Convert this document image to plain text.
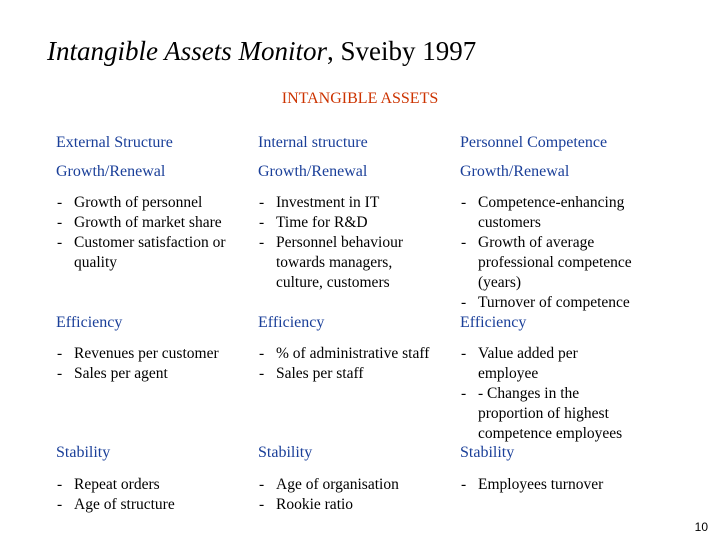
Intangible Assets Monitor, Sveiby 1997
INTANGIBLE ASSETS
External Structure
Growth/Renewal
- Growth of personnel
- Growth of market share
- Customer satisfaction or
quality
Efficiency
- Revenues per customer
- Sales per agent
Stability
- Repeat orders
- Age of structure
Internal structure
Growth/Renewal
- Investment in IT
- Time for R&D
- Personnel behaviour
towards managers,
culture, customers
Efficiency
- % of administrative staff
- Sales per staff
Stability
- Age of organisation
- Rookie ratio
Personnel Competence
Growth/Renewal
- Competence-enhancing
customers
- Growth of average
professional competence
(years)
- Turnover of competence
Efficiency
- Value added per
employee
- - Changes in the
proportion of highest
competence employees
Stability
- Employees turnover
10
